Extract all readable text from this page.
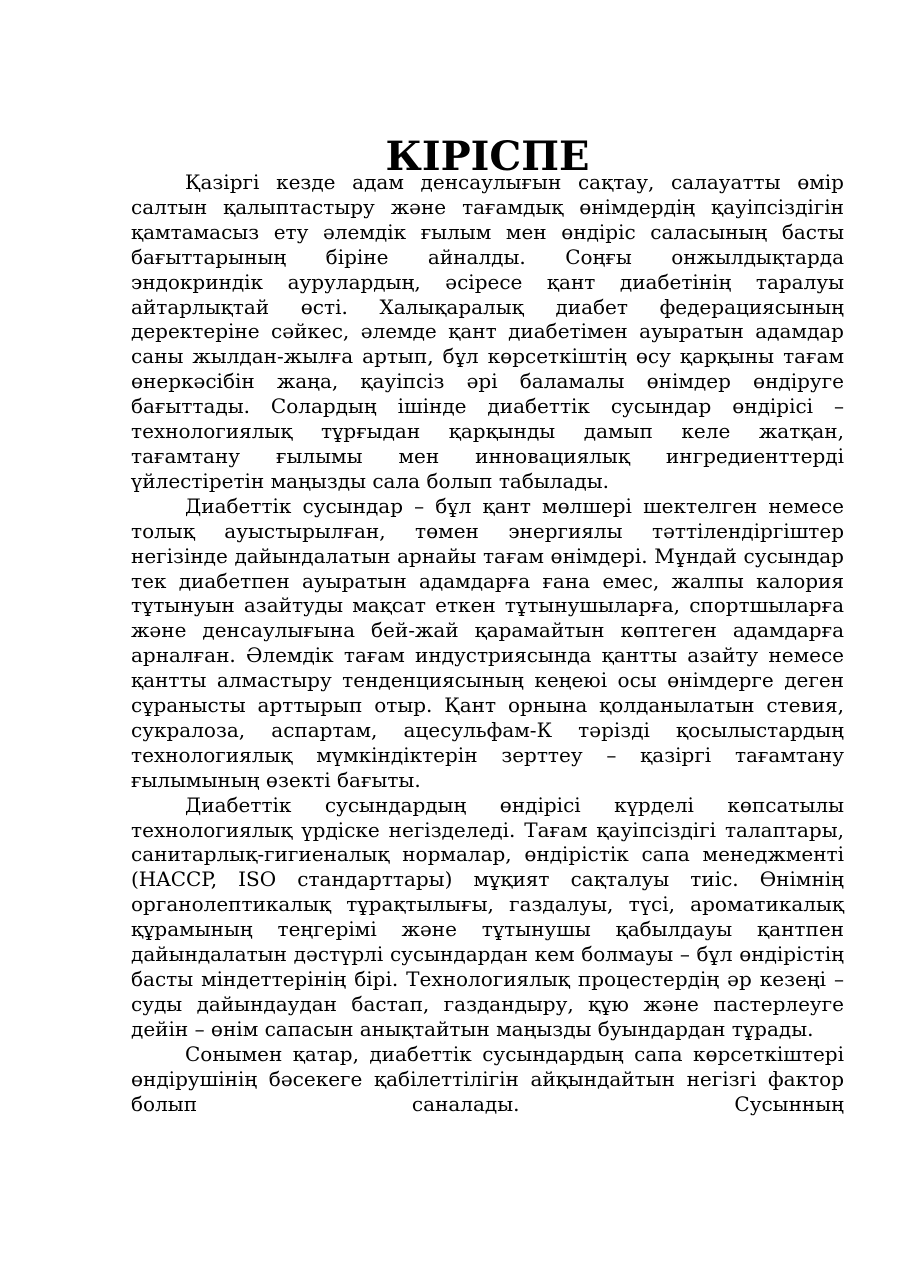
КІРІСПЕ

Қазіргі кезде адам денсаулығын сақтау, салауатты өмір салтын қалыптастыру және тағамдық өнімдердің қауіпсіздігін қамтамасыз ету әлемдік ғылым мен өндіріс саласының басты бағыттарының біріне айналды. Соңғы онжылдықтарда эндокриндік аурулардың, әсіресе қант диабетінің таралуы айтарлықтай өсті. Халықаралық диабет федерациясының деректеріне сәйкес, әлемде қант диабетімен ауыратын адамдар саны жылдан-жылға артып, бұл көрсеткіштің өсу қарқыны тағам өнеркәсібін жаңа, қауіпсіз әрі баламалы өнімдер өндіруге бағыттады. Солардың ішінде диабеттік сусындар өндірісі – технологиялық тұрғыдан қарқынды дамып келе жатқан, тағамтану ғылымы мен инновациялық ингредиенттерді үйлестіретін маңызды сала болып табылады.

Диабеттік сусындар – бұл қант мөлшері шектелген немесе толық ауыстырылған, төмен энергиялы тәттілендіргіштер негізінде дайындалатын арнайы тағам өнімдері. Мұндай сусындар тек диабетпен ауыратын адамдарға ғана емес, жалпы калория тұтынуын азайтуды мақсат еткен тұтынушыларға, спортшыларға және денсаулығына бей-жай қарамайтын көптеген адамдарға арналған. Әлемдік тағам индустриясында қантты азайту немесе қантты алмастыру тенденциясының кеңеюі осы өнімдерге деген сұранысты арттырып отыр. Қант орнына қолданылатын стевия, сукралоза, аспартам, ацесульфам-К тәрізді қосылыстардың технологиялық мүмкіндіктерін зерттеу – қазіргі тағамтану ғылымының өзекті бағыты.

Диабеттік сусындардың өндірісі күрделі көпсатылы технологиялық үрдіске негізделеді. Тағам қауіпсіздігі талаптары, санитарлық-гигиеналық нормалар, өндірістік сапа менеджменті (HACCP, ISO стандарттары) мұқият сақталуы тиіс. Өнімнің органолептикалық тұрақтылығы, газдалуы, түсі, ароматикалық құрамының теңгерімі және тұтынушы қабылдауы қантпен дайындалатын дәстүрлі сусындардан кем болмауы – бұл өндірістің басты міндеттерінің бірі. Технологиялық процестердің әр кезеңі – суды дайындаудан бастап, газдандыру, құю және пастерлеуге дейін – өнім сапасын анықтайтын маңызды буындардан тұрады.

Сонымен қатар, диабеттік сусындардың сапа көрсеткіштері өндірушінің бәсекеге қабілеттілігін айқындайтын негізгі фактор болып саналады. Сусынның
